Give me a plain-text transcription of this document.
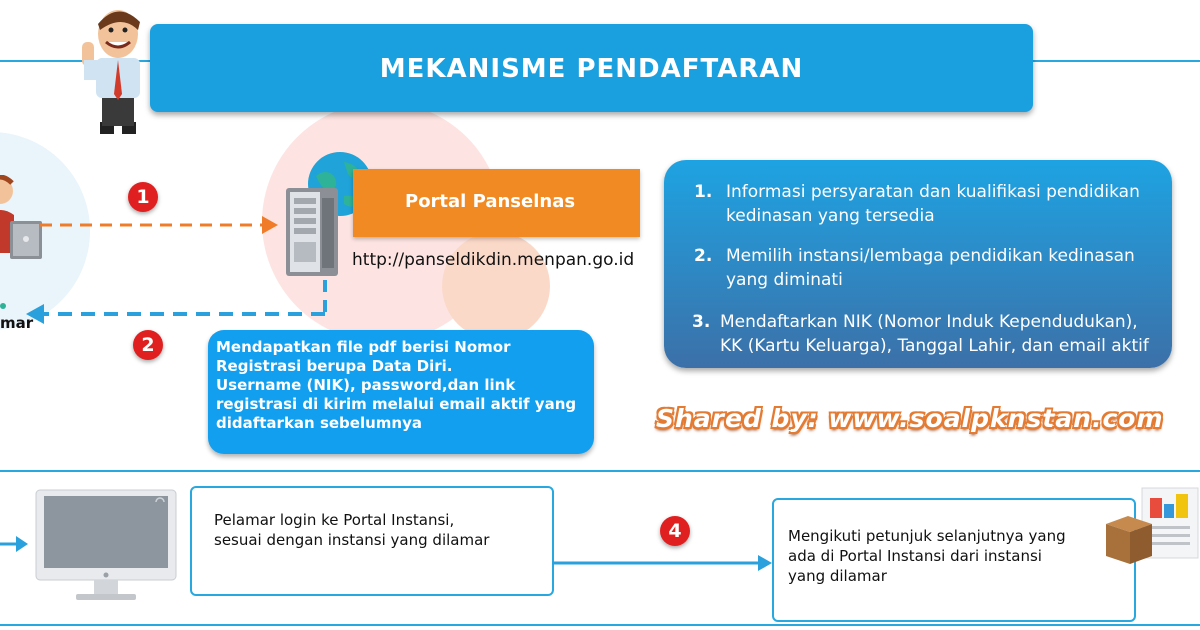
MEKANISME PENDAFTARAN
mar
1
2
Portal Panselnas
http://panseldikdin.menpan.go.id
1. Informasi persyaratan dan kualifikasi pendidikan kedinasan yang tersedia
2. Memilih instansi/lembaga pendidikan kedinasan yang diminati
3. Mendaftarkan NIK (Nomor Induk Kependudukan), KK (Kartu Keluarga), Tanggal Lahir, dan email aktif
Mendapatkan file pdf berisi Nomor Registrasi berupa Data Diri.
Username (NIK), password,dan link registrasi di kirim melalui email aktif yang didaftarkan sebelumnya	Shared by: www.soalpknstan.com
Pelamar login ke Portal Instansi, sesuai dengan instansi yang dilamar	4	Mengikuti petunjuk selanjutnya yang ada di Portal Instansi dari instansi yang dilamar
